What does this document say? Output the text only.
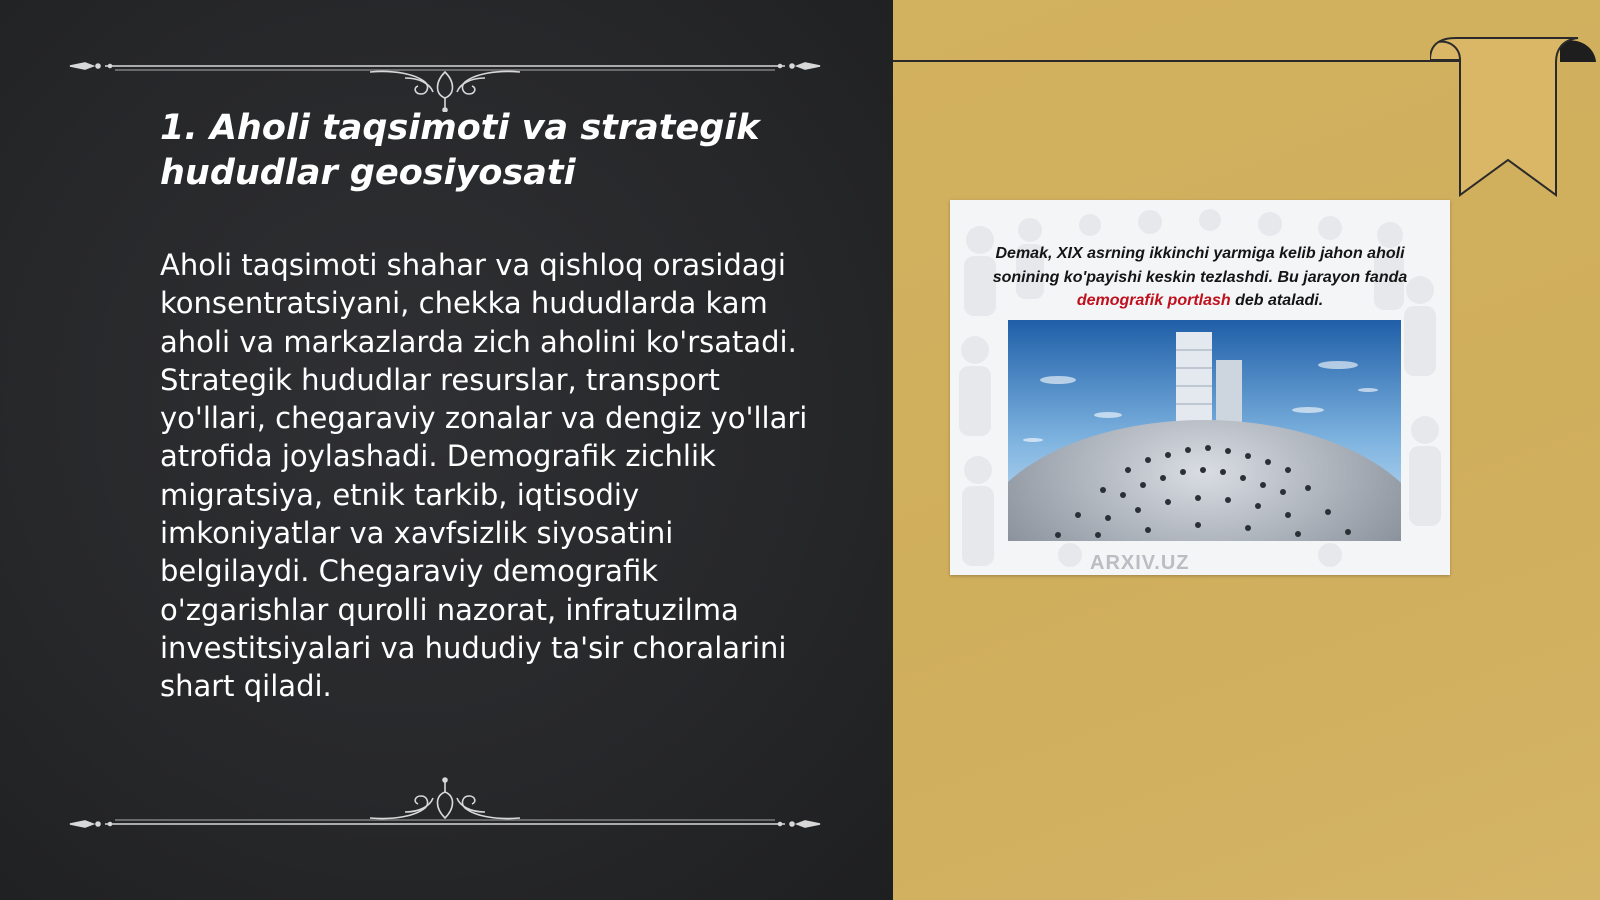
1. Aholi taqsimoti va strategik hududlar geosiyosati

Aholi taqsimoti shahar va qishloq orasidagi konsentratsiyani, chekka hududlarda kam aholi va markazlarda zich aholini ko'rsatadi. Strategik hududlar resurslar, transport yo'llari, chegaraviy zonalar va dengiz yo'llari atrofida joylashadi. Demografik zichlik migratsiya, etnik tarkib, iqtisodiy imkoniyatlar va xavfsizlik siyosatini belgilaydi. Chegaraviy demografik o'zgarishlar qurolli nazorat, infratuzilma investitsiyalari va hududiy ta'sir choralarini shart qiladi.

Demak, XIX asrning ikkinchi yarmiga kelib jahon aholi sonining ko'payishi keskin tezlashdi. Bu jarayon fanda demografik portlash deb ataladi.

ARXIV.UZ
